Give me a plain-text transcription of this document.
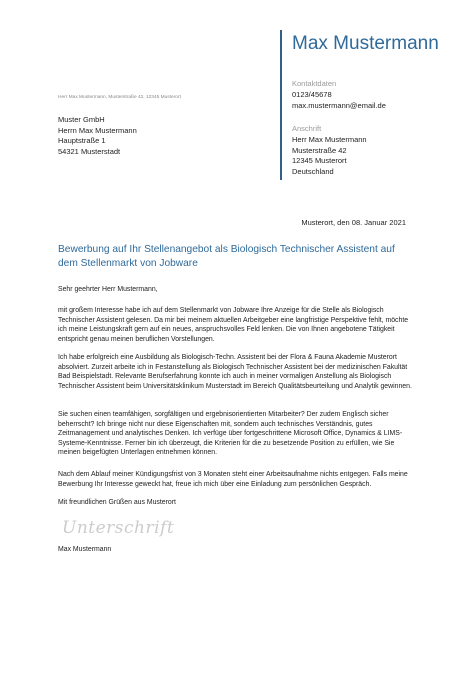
Max Mustermann
Kontaktdaten
0123/45678
max.mustermann@email.de
Anschrift
Herr Max Mustermann
Musterstraße 42
12345 Musterort
Deutschland
Herr Max Mustermann, Musterstraße 42, 12345 Musterort
Muster GmbH
Herrn Max Mustermann
Hauptstraße 1
54321 Musterstadt
Musterort, den 08. Januar 2021
Bewerbung auf Ihr Stellenangebot als Biologisch Technischer Assistent auf dem Stellenmarkt von Jobware
Sehr geehrter Herr Mustermann,
mit großem Interesse habe ich auf dem Stellenmarkt von Jobware Ihre Anzeige für die Stelle als Biologisch Technischer Assistent gelesen. Da mir bei meinem aktuellen Arbeitgeber eine langfristige Perspektive fehlt, möchte ich meine Leistungskraft gern auf ein neues, anspruchsvolles Feld lenken. Die von Ihnen angebotene Tätigkeit entspricht genau meinen beruflichen Vorstellungen.
Ich habe erfolgreich eine Ausbildung als Biologisch-Techn. Assistent bei der Flora & Fauna Akademie Musterort absolviert. Zurzeit arbeite ich in Festanstellung als Biologisch Technischer Assistent bei der medizinischen Fakultät Bad Beispielstadt. Relevante Berufserfahrung konnte ich auch in meiner vormaligen Anstellung als Biologisch Technischer Assistent beim Universitätsklinikum Musterstadt im Bereich Qualitätsbeurteilung und Analytik gewinnen.
Sie suchen einen teamfähigen, sorgfältigen und ergebnisorientierten Mitarbeiter? Der zudem Englisch sicher beherrscht? Ich bringe nicht nur diese Eigenschaften mit, sondern auch technisches Verständnis, gutes Zeitmanagement und analytisches Denken. Ich verfüge über fortgeschrittene Microsoft Office, Dynamics & LIMS-Systeme-Kenntnisse. Ferner bin ich überzeugt, die Kriterien für die zu besetzende Position zu erfüllen, wie Sie meinen beigefügten Unterlagen entnehmen können.
Nach dem Ablauf meiner Kündigungsfrist von 3 Monaten steht einer Arbeitsaufnahme nichts entgegen. Falls meine Bewerbung Ihr Interesse geweckt hat, freue ich mich über eine Einladung zum persönlichen Gespräch.
Mit freundlichen Grüßen aus Musterort
Unterschrift
Max Mustermann
